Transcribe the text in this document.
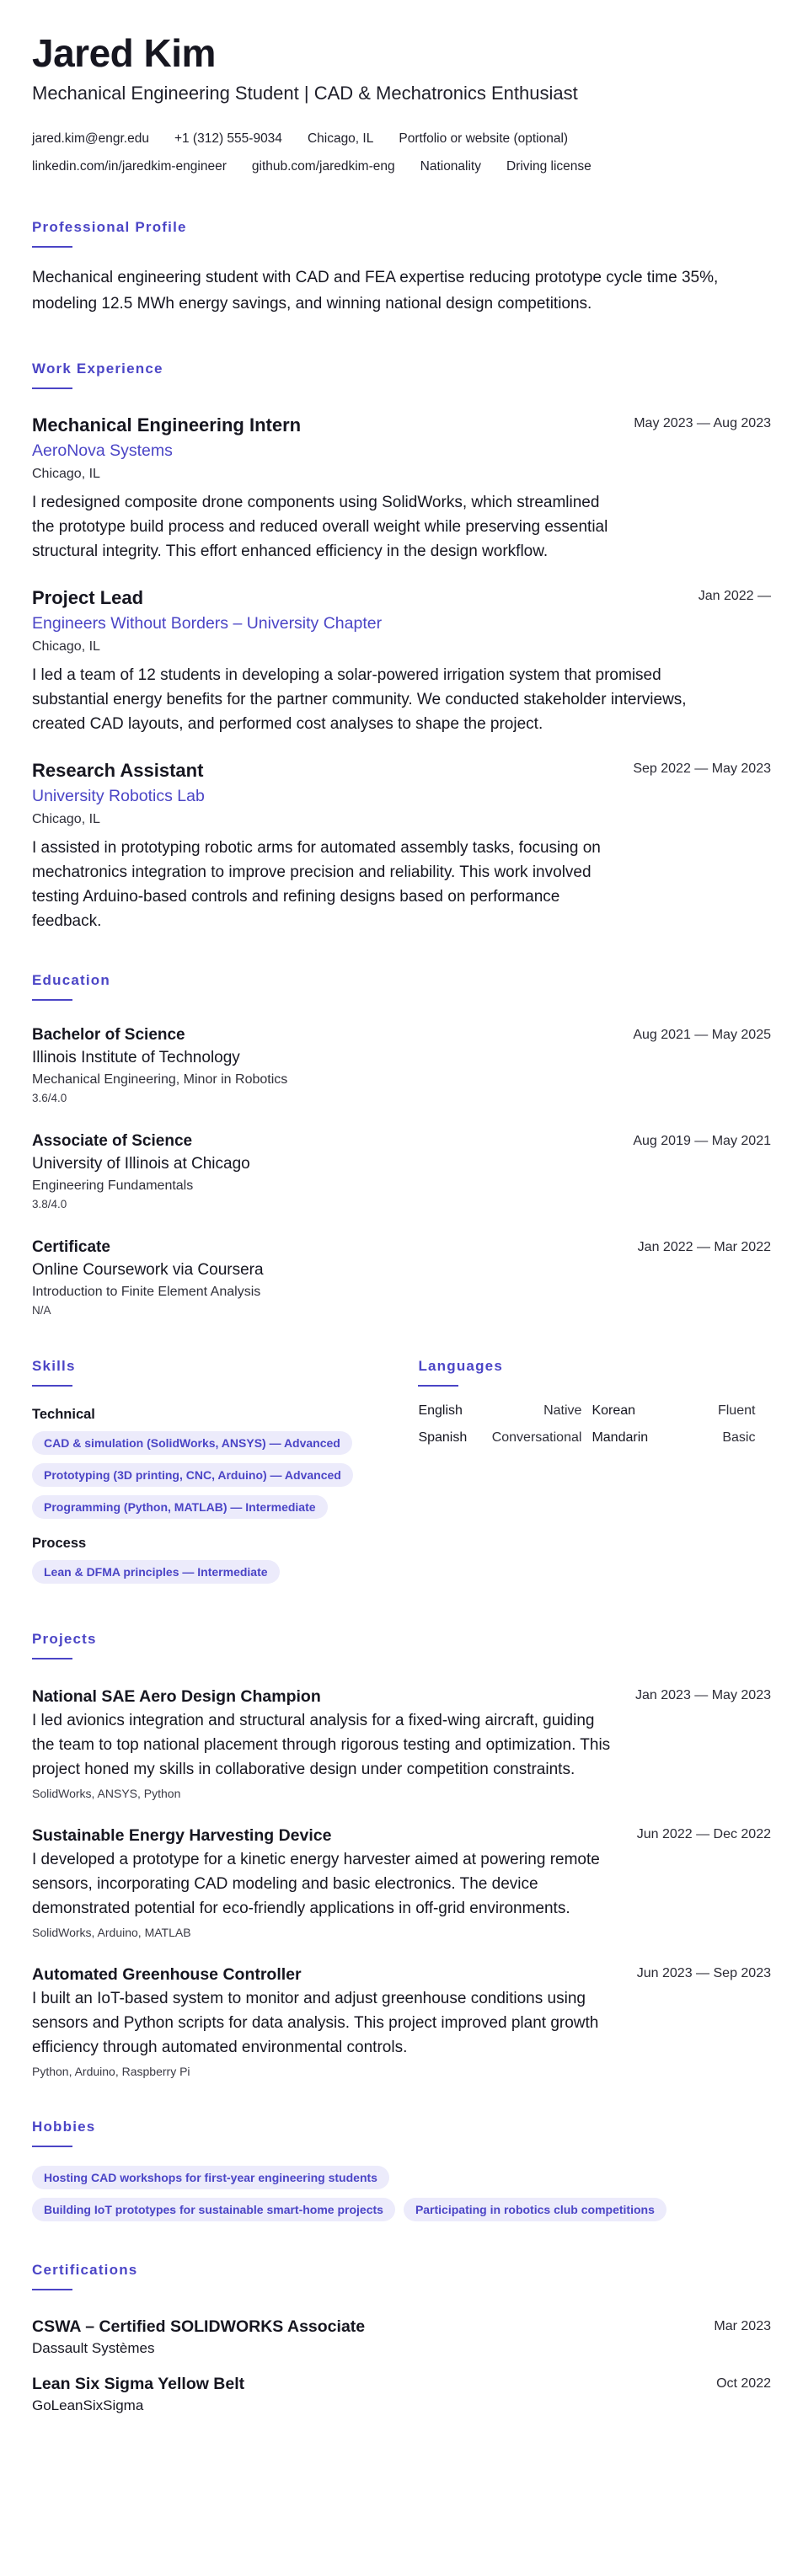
Jared Kim
Mechanical Engineering Student | CAD & Mechatronics Enthusiast
jared.kim@engr.edu +1 (312) 555-9034 Chicago, IL Portfolio or website (optional)
linkedin.com/in/jaredkim-engineer github.com/jaredkim-eng Nationality Driving license
Professional Profile
Mechanical engineering student with CAD and FEA expertise reducing prototype cycle time 35%, modeling 12.5 MWh energy savings, and winning national design competitions.
Work Experience
May 2023 — Aug 2023
Mechanical Engineering Intern
AeroNova Systems
Chicago, IL
I redesigned composite drone components using SolidWorks, which streamlined the prototype build process and reduced overall weight while preserving essential structural integrity. This effort enhanced efficiency in the design workflow.
Jan 2022 —
Project Lead
Engineers Without Borders – University Chapter
Chicago, IL
I led a team of 12 students in developing a solar-powered irrigation system that promised substantial energy benefits for the partner community. We conducted stakeholder interviews, created CAD layouts, and performed cost analyses to shape the project.
Sep 2022 — May 2023
Research Assistant
University Robotics Lab
Chicago, IL
I assisted in prototyping robotic arms for automated assembly tasks, focusing on mechatronics integration to improve precision and reliability. This work involved testing Arduino-based controls and refining designs based on performance feedback.
Education
Aug 2021 — May 2025
Bachelor of Science
Illinois Institute of Technology
Mechanical Engineering, Minor in Robotics
3.6/4.0
Aug 2019 — May 2021
Associate of Science
University of Illinois at Chicago
Engineering Fundamentals
3.8/4.0
Jan 2022 — Mar 2022
Certificate
Online Coursework via Coursera
Introduction to Finite Element Analysis
N/A
Skills
Technical
CAD & simulation (SolidWorks, ANSYS) — Advanced
Prototyping (3D printing, CNC, Arduino) — Advanced
Programming (Python, MATLAB) — Intermediate
Process
Lean & DFMA principles — Intermediate
Languages
English	Native Korean	Fluent
Spanish Conversational Mandarin	Basic
Projects
Jan 2023 — May 2023
National SAE Aero Design Champion
I led avionics integration and structural analysis for a fixed-wing aircraft, guiding the team to top national placement through rigorous testing and optimization. This project honed my skills in collaborative design under competition constraints.
SolidWorks, ANSYS, Python
Jun 2022 — Dec 2022
Sustainable Energy Harvesting Device
I developed a prototype for a kinetic energy harvester aimed at powering remote sensors, incorporating CAD modeling and basic electronics. The device demonstrated potential for eco-friendly applications in off-grid environments.
SolidWorks, Arduino, MATLAB
Jun 2023 — Sep 2023
Automated Greenhouse Controller
I built an IoT-based system to monitor and adjust greenhouse conditions using sensors and Python scripts for data analysis. This project improved plant growth efficiency through automated environmental controls.
Python, Arduino, Raspberry Pi
Hobbies
Hosting CAD workshops for first-year engineering students
Building IoT prototypes for sustainable smart-home projects	Participating in robotics club competitions
Certifications
Mar 2023
CSWA – Certified SOLIDWORKS Associate
Dassault Systèmes
Oct 2022
Lean Six Sigma Yellow Belt
GoLeanSixSigma
